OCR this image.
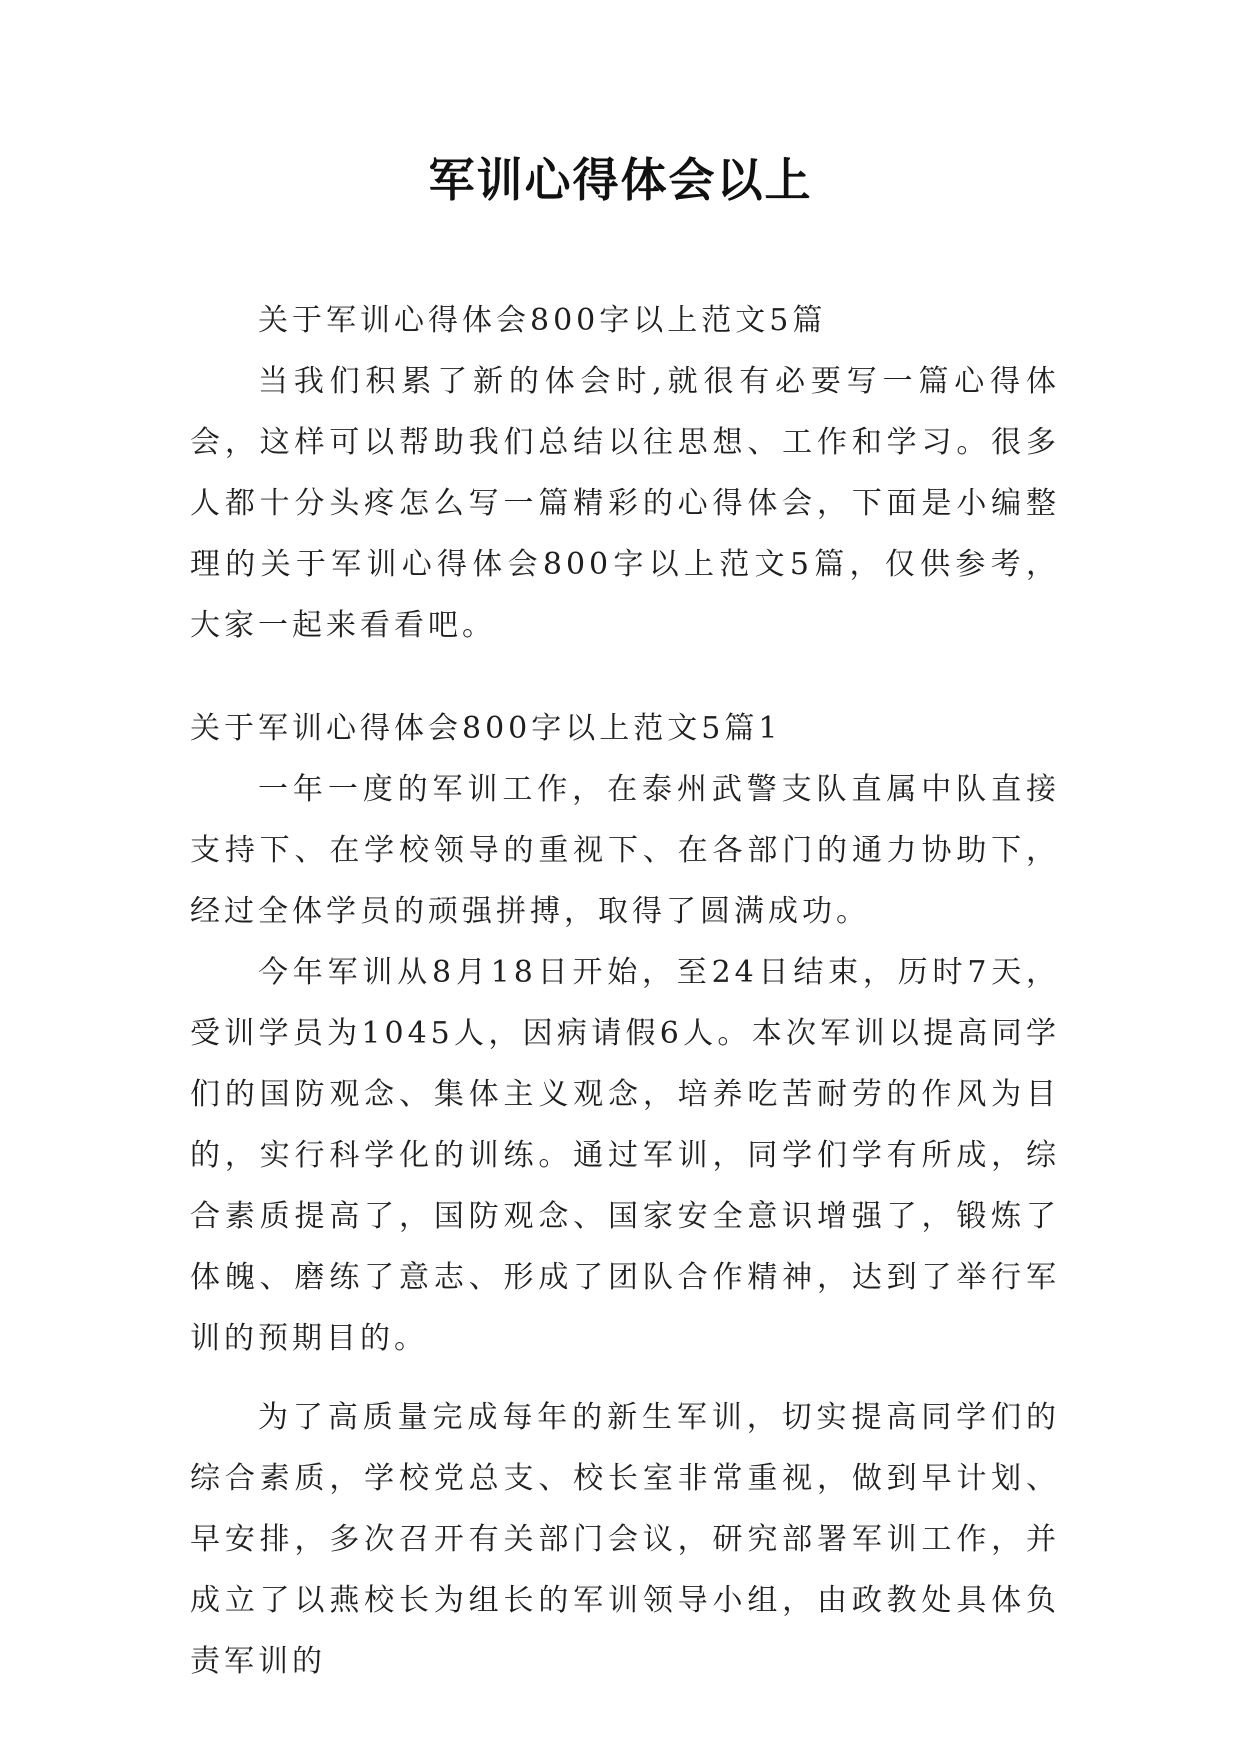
军训心得体会以上

关于军训心得体会800字以上范文5篇

当我们积累了新的体会时,就很有必要写一篇心得体会，这样可以帮助我们总结以往思想、工作和学习。很多人都十分头疼怎么写一篇精彩的心得体会，下面是小编整理的关于军训心得体会800字以上范文5篇，仅供参考，大家一起来看看吧。

关于军训心得体会800字以上范文5篇1

一年一度的军训工作，在泰州武警支队直属中队直接支持下、在学校领导的重视下、在各部门的通力协助下，经过全体学员的顽强拼搏，取得了圆满成功。

今年军训从8月18日开始，至24日结束，历时7天，受训学员为1045人，因病请假6人。本次军训以提高同学们的国防观念、集体主义观念，培养吃苦耐劳的作风为目的，实行科学化的训练。通过军训，同学们学有所成，综合素质提高了，国防观念、国家安全意识增强了，锻炼了体魄、磨练了意志、形成了团队合作精神，达到了举行军训的预期目的。

为了高质量完成每年的新生军训，切实提高同学们的综合素质，学校党总支、校长室非常重视，做到早计划、早安排，多次召开有关部门会议，研究部署军训工作，并成立了以燕校长为组长的军训领导小组，由政教处具体负责军训的
